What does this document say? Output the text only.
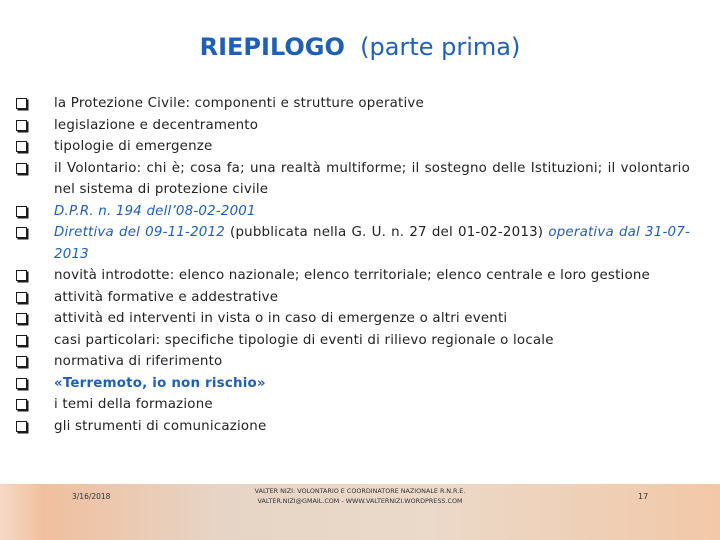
RIEPILOGO (parte prima)
la Protezione Civile: componenti e strutture operative
legislazione e decentramento
tipologie di emergenze
il Volontario: chi è; cosa fa; una realtà multiforme; il sostegno delle Istituzioni; il volontario nel sistema di protezione civile
D.P.R. n. 194 dell’08-02-2001
Direttiva del 09-11-2012 (pubblicata nella G. U. n. 27 del 01-02-2013) operativa dal 31-07-2013
novità introdotte: elenco nazionale; elenco territoriale; elenco centrale e loro gestione
attività formative e addestrative
attività ed interventi in vista o in caso di emergenze o altri eventi
casi particolari: specifiche tipologie di eventi di rilievo regionale o locale
normativa di riferimento
«Terremoto, io non rischio»
i temi della formazione
gli strumenti di comunicazione
3/16/2018
VALTER NIZI: VOLONTARIO E COORDINATORE NAZIONALE R.N.R.E.
VALTER.NIZI@GMAIL.COM - WWW.VALTERNIZI.WORDPRESS.COM	17
